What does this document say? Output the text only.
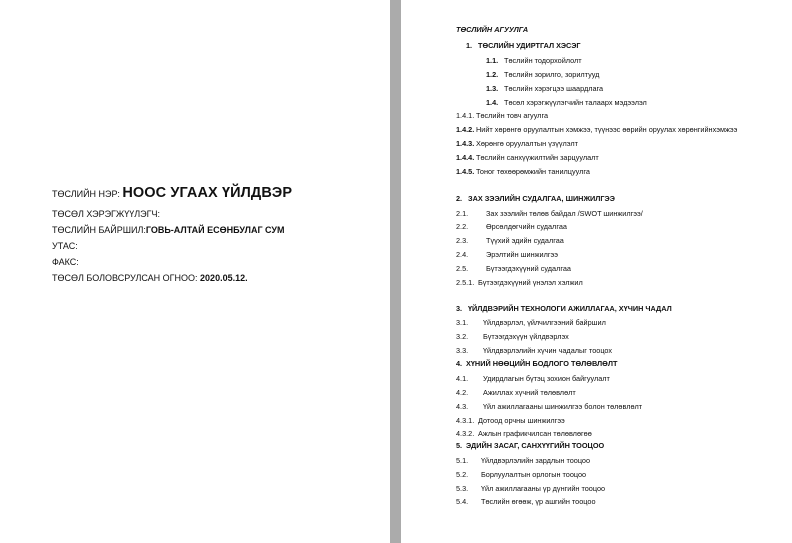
ТӨСЛИЙН НЭР: НООС УГААХ ҮЙЛДВЭР
ТӨСӨЛ ХЭРЭГЖҮҮЛЭГЧ:
ТӨСЛИЙН БАЙРШИЛ:ГОВЬ-АЛТАЙ ЕСӨНБУЛАГ СУМ
УТАС:
ФАКС:
ТӨСӨЛ БОЛОВСРУЛСАН ОГНОО: 2020.05.12.
ТӨСЛИЙН АГУУЛГА
1. ТӨСЛИЙН УДИРТГАЛ ХЭСЭГ
1.1. Төслийн тодорхойлолт
1.2. Төслийн зорилго, зорилтууд
1.3. Төслийн хэрэгцээ шаардлага
1.4. Төсөл хэрэгжүүлэгчийн талаарх мэдээлэл
1.4.1. Төслийн товч агуулга
1.4.2. Нийт хөрөнгө оруулалтын хэмжээ, түүнээс өөрийн оруулах хөрөнгийнхэмжээ
1.4.3. Хөрөнгө оруулалтын үзүүлэлт
1.4.4. Төслийн санхүүжилтийн зарцуулалт
1.4.5. Тоног төхөөрөмжийн танилцуулга
2. ЗАХ ЗЭЭЛИЙН СУДАЛГАА, ШИНЖИЛГЭЭ
2.1. Зах зээлийн төлөв байдал /SWOT шинжилгээ/
2.2. Өрсөлдөгчийн судалгаа
2.3. Түүхий эдийн судалгаа
2.4. Эрэлтийн шинжилгээ
2.5. Бүтээгдэхүүний судалгаа
2.5.1. Бүтээгдэхүүний үнэлэл хэлжил
3. ҮЙЛДВЭРИЙН ТЕХНОЛОГИ АЖИЛЛАГАА, ХҮЧИН ЧАДАЛ
3.1. Үйлдвэрлэл, үйлчилгээний байршил
3.2. Бүтээгдэхүүн үйлдвэрлэх
3.3. Үйлдвэрлэлийн хүчин чадалыг тооцох
4. ХҮНИЙ НӨӨЦИЙН БОДЛОГО ТӨЛӨВЛӨЛТ
4.1. Удирдлагын бүтэц зохион байгуулалт
4.2. Ажиллах хүчний төлөвлөлт
4.3. Үйл ажиллагааны шинжилгээ болон төлөвлөлт
4.3.1. Дотоод орчны шинжилгээ
4.3.2. Ажлын графикчилсан төлөвлөгөө
5. ЭДИЙН ЗАСАГ, САНХҮҮГИЙН ТООЦОО
5.1. Үйлдвэрлэлийн зардлын тооцоо
5.2. Борлуулалтын орлогын тооцоо
5.3. Үйл ажиллагааны үр дүнгийн тооцоо
5.4. Төслийн өгөөж, үр ашгийн тооцоо
